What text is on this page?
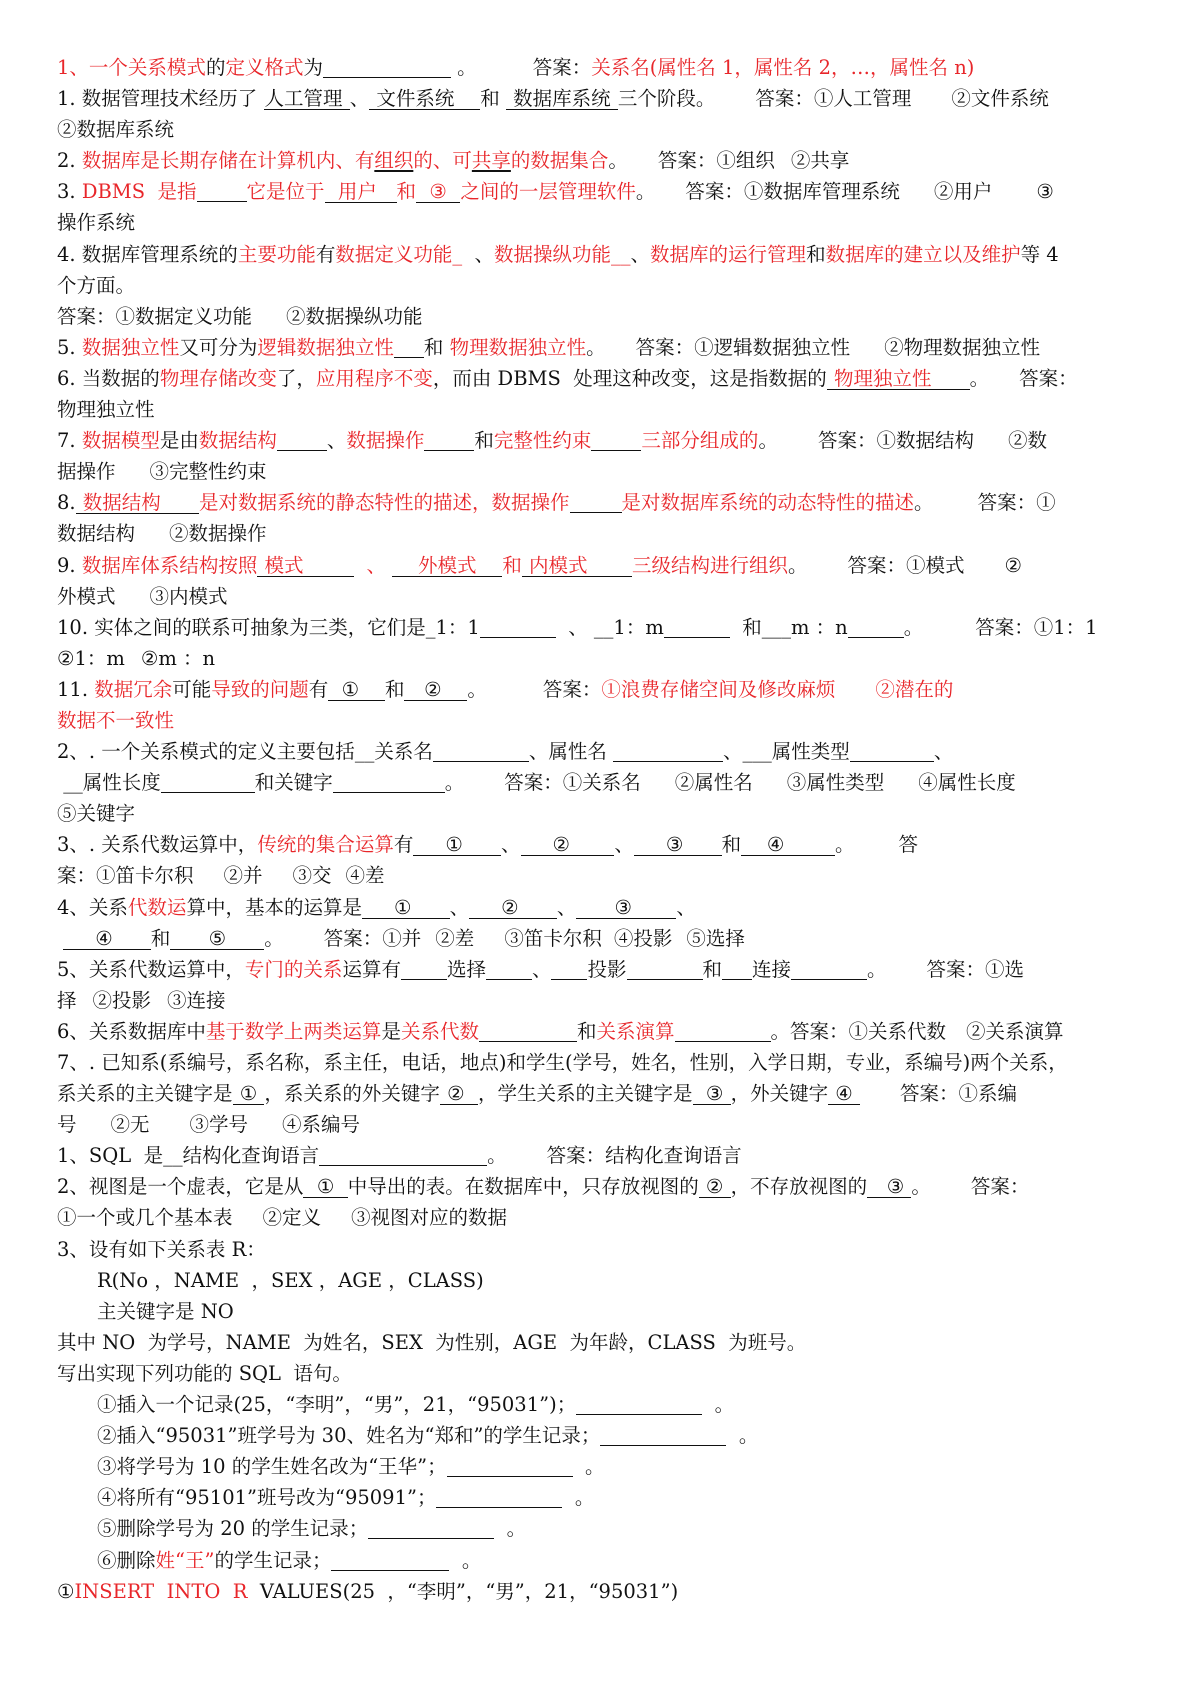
1、一个关系模式的定义格式为	。	答案：关系名(属性名 1，属性名 2，…，属性名 n)
1. 数据管理技术经历了 人工管理 、 文件系统    和  数据库系统 三个阶段。 答案：①人工管理 ②文件系统
②数据库系统
2. 数据库是长期存储在计算机内、有组织的、可共享的数据集合。 答案：①组织 ②共享
3. DBMS  是指	它是位于  用户   和  ③  之间的一层管理软件。 答案：①数据库管理系统 ②用户 ③
操作系统
4. 数据库管理系统的主要功能有数据定义功能_  、数据操纵功能__、数据库的运行管理和数据库的建立以及维护等 4
个方面。
答案：①数据定义功能 ②数据操纵功能
5. 数据独立性又可分为逻辑数据独立性 和 物理数据独立性。 答案：①逻辑数据独立性 ②物理数据独立性
6. 当数据的物理存储改变了，应用程序不变，而由 DBMS  处理这种改变，这是指数据的 物理独立性      。 答案：
物理独立性
7. 数据模型是由数据结构	、数据操作	和完整性约束	三部分组成的。 答案：①数据结构 ②数
据操作 ③完整性约束
8. 数据结构      是对数据系统的静态特性的描述，数据操作	是对数据库系统的动态特性的描述。 答案：①
数据结构 ②数据操作
9. 数据库体系结构按照 模式          、     外模式    和 内模式       三级结构进行组织。 答案：①模式 ②
外模式 ③内模式
10. 实体之间的联系可抽象为三类，它们是_1：1	、 __1：m	和___m ：n	。	答案：①1：1
②1：m ②m ：n
11. 数据冗余可能导致的问题有  ①    和   ②    。	答案：①浪费存储空间及修改麻烦 ②潜在的
数据不一致性
2、. 一个关系模式的定义主要包括__关系名	、属性名	、___属性类型	、
__属性长度	和关键字	。 答案：①关系名 ②属性名 ③属性类型 ④属性长度
⑤关键字
3、. 关系代数运算中，传统的集合运算有     ①      、     ②       、     ③      和    ④        。 答
案：①笛卡尔积 ②并 ③交 ④差
4、关系代数运算中，基本的运算是     ①      、     ②      、      ③       、
④      和      ⑤      。 答案：①并 ②差 ③笛卡尔积 ④投影 ⑤选择
5、关系代数运算中，专门的关系运算有 选择 、 投影	和 连接	。 答案：①选
择 ②投影 ③连接
6、关系数据库中基于数学上两类运算是关系代数	和关系演算	。答案：①关系代数 ②关系演算
7、. 已知系(系编号，系名称，系主任，电话，地点)和学生(学号，姓名，性别，入学日期，专业，系编号)两个关系，
系关系的主关键字是 ① ，系关系的外关键字 ②  ，学生关系的主关键字是  ③ ，外关键字 ④ 答案：①系编
号 ②无 ③学号 ④系编号
1、SQL  是__结构化查询语言	。 答案：结构化查询语言
2、视图是一个虚表，它是从  ①  中导出的表。在数据库中，只存放视图的 ② ，不存放视图的   ③ 。 答案：
①一个或几个基本表 ②定义 ③视图对应的数据
3、设有如下关系表 R：
R(No ，NAME  ，SEX ，AGE ，CLASS)
主关键字是 NO
其中 NO  为学号，NAME  为姓名，SEX  为性别，AGE  为年龄，CLASS  为班号。
写出实现下列功能的 SQL  语句。
①插入一个记录(25，“李明”，“男”，21，“95031”)；	。
②插入“95031”班学号为 30、姓名为“郑和”的学生记录；	。
③将学号为 10 的学生姓名改为“王华”；	。
④将所有“95101”班号改为“95091”；	。
⑤删除学号为 20 的学生记录；	。
⑥删除姓“王”的学生记录；	。
①INSERT  INTO  R  VALUES(25  ，“李明”，“男”，21，“95031”)
